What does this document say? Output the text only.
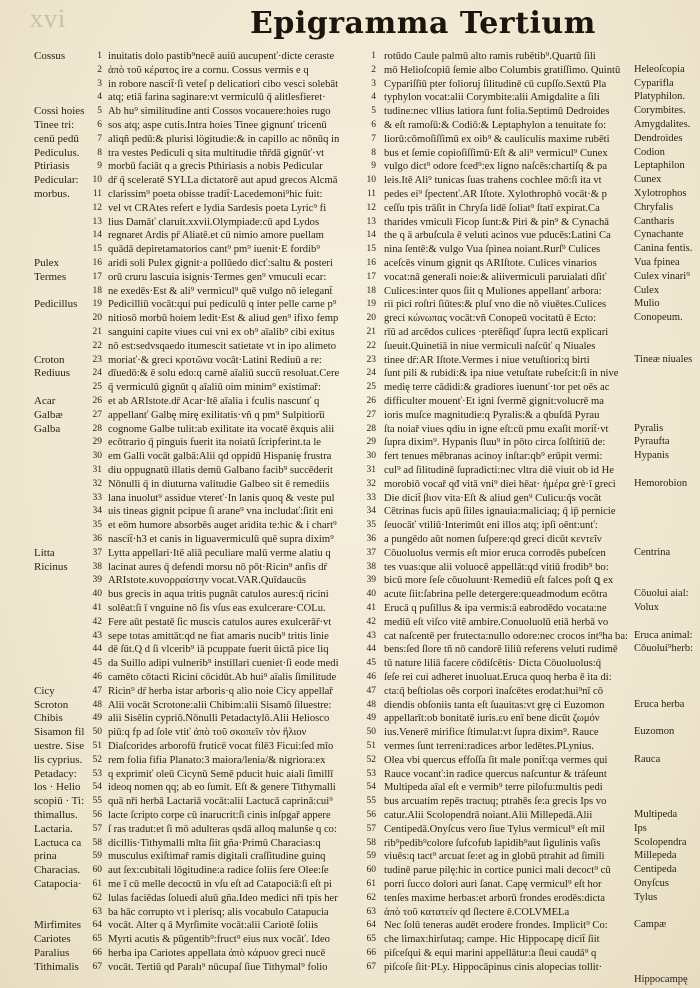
xvi	Epigramma Tertium
Cossus
Cossi hoies
Tinee tri:
cenū pedū
Pediculus.
Ptiriasis
Pedicular:
morbus.
Pulex
Termes
Pedicillus
Croton
Rediuus
Acar
Galbæ
Galba
Litta
Ricinus
Cicy
Scroton
Chibis
Sisamon fil
uestre. Sise
lis cyprius.
Petadacy:
los · Helio
scopiū · Ti:
thimallus.
Lactaria.
Lactuca ca
prina
Characias.
Catapocia·
Mirfimites
Cariotes
Paralius
Tithimalis
inuitatis dolo pastib⁹necē auiū aucupenť·dicte ceraste
ἀπὸ τοῦ κέρατος ire a cornu. Cossus vermis e q
in robore nascit̄·ſi veteſ p delicatiori cibo vesci solebāt
atq; etiā farina saginare:vt vermiculū q̄ alitlesfieret·
Ab hu⁹ similitudine anti Cossos vocauere:hoies rugo
sos atq; aspe cutis.Intra hoies Tinee gignunť tricenū
aliqñ pedū:& plurisi lögitudie:& in capillo ac nōnūq in
tra vestes Pediculi q sita multitudie tñr̄dā gignūť·vt
morbū faciāt q a grecis Pthiriasis a nobis Pedicular
dr̄ q̄ sceleratē SYLLa dictatorē aut apud grecos Alcmā
clarissim⁹ poeta obisse tradit̄·Lacedemoni⁹hic fuit:
vel vt CRAtes refert e lydia Sardesis poeta Lyric⁹ fi
lius Damāť claruit.xxvii.Olympiade:cū apd Lydos
regnaret Ardis pr̄ Aliatē.et cū nimio amore puellam
quādā depiretamatorios cant⁹ pm⁹ iuenit·E fordib⁹
aridi soli Pulex gignit·a pollūedo dicť:saltu & posteri
orū cruru lascuia isignis·Termes gen⁹ vmuculi ecar:
ne exedēs·Est & ali⁹ vermicul⁹ quē vulgo nō ielegant̄
Pedicilliū vocāt:qui pui pediculū q inter pelle carne p⁹
nitiosō morbū hoiem ledit·Est & aliud gen⁹ ifixo femp
sanguini capite viues cui vni ex ob⁹ aīalib⁹ cibi exitus
nō est:sedvsqaedo itumescit satietate vt in ipo alimeto
moriať·& greci κροτῶνα vocāt·Latini Rediuū a re:
dīuedō:& ē solu edo:q carnē aīaliū succū resoluat.Cere
q̄ vermiculū gignūt q aīaliū oim minim⁹ existimař:
et ab ARIstote.dr̄ Acar·Itē aīalia i fculis nascunť q
appellanť Galbę mirę exilitatis·vñ q pm⁹ Sulpitioru̅
cognome Galbe tulit:ab exilitate ita vocatē ēxquis alii
ecōtrario q̄ pinguis fuerit ita noiatū ſcripferint.ta le
em Galli vocāt galbā:Alii qd oppidū Hispanię frustra
diu oppugnatū illatis demū Galbano facib⁹ succēderit
Nōnulli q̄ in diuturna valitudie Galbeo sit ē remediis
lana inuolut⁹ assidue vtereť·In lanis quoq & veste pul
uis tineas gignit pcipue ſi arane⁹ vna includať:ſitit eni
et eōm humore absorbēs auget aridita te:hic & i chart⁹
nascit̄·h3 et canis in liguavermiculū quē supra dixim⁹
Lytta appellari·Itē aliā peculiare malū verme alatiu q
lacinat aures q̄ defendi morsu nō pōt·Ricin⁹ anfis dr̄
ARIstote.κυνορραίστην vocat.VAR.Quīdaucūs
bus grecis in aqua tritis pugnāt catulos aures:q̄ ricini
solēat:ſi ī vnguine nō ſis vſus eas exulcerare·COLu.
Fere aūt pestatē ſic muscis catulos aures exulcerār̄·vt
sepe totas amittāt:qd ne fiat amaris nucib⁹ tritis linie
dē ſūt.Q d ſi vlcerib⁹ iā pcuppate fuerit ūictā pice liq
da Suillo adipi vulnerib⁹ instillari cueniet·ſi eode medi
camēto cōtacti Ricini cōcidūt.Ab hui⁹ aīalis ſimilitude
Ricin⁹ dr̄ herba istar arboris·q alio noie Cicy appellař
Alii vocāt Scrotone:alii Chibim:alii Sisamō ſiluestre:
alii Sisēlin cypriō.Nōnulli Petadactylō.Alii Heliosco
piū:q fp ad ſole vtiť ἀπὸ τοῦ σκοπεῖν τὸν ἥλιον
Diaſcorides arborofū fruticē vocat filē3 Ficui:ſed mīo
rem folia fifia Planato:3 maiora/lenia/& nigriora:ex
q exprimiť oleū Cicynū Semē pducit huic aiali ſimillī
ideoq nomen qq; ab eo ſumit. Eſt & genere Tithymalli
quā nři herbā Lactariā vocāt:alii Lactucā caprinā:cui⁹
lacte ſcripto corpe cū inarucrit:ſi cinis inſpgař appere
ſ ras tradut:et ſi mō adulteras qsdā alloq malunŝe q co:
dicillis·Tithymalli mlta ſiit gña·Primū Characias:q
musculus exiſtimař ramis digitali craſſitudine guinq
aut ſex:cubitali lōgitudine:a radice ſoliis ſere Olee:ſe
me ī cū melle decoctū in vſu eſt ad Catapociā:ſi eſt pi
lulas faciēdas ſoluedi aluū gña.Ideo medici nři tpis her
ba hāc corrupto vt i plerisq; alis vocabulo Catapucia
vocāt. Alter q ā Myrſimite vocāt:alii Cariotē ſoliis
Myrti acutis & pūgentib⁹:fruct⁹ eius nux vocāť. Ideo
herba ipa Cariotes appellata ἀπὸ κάρυον greci nucē
vocāt. Tertiū qd Paralı⁹ nūcupaſ ſiue Tithymal⁹ folio
1
2
3
4
5
6
7
8
9
10
11
12
13
14
15
16
17
18
19
20
21
22
23
24
25
26
27
28
29
30
31
32
33
34
35
36
37
38
39
40
41
42
43
44
45
46
47
48
49
50
51
52
53
54
55
56
57
58
59
60
61
62
63
64
65
66
67
1
2
3
4
5
6
7
8
9
10
11
12
13
14
15
16
17
18
19
20
21
22
23
24
25
26
27
28
29
30
31
32
33
34
35
36
37
38
39
40
41
42
43
44
45
46
47
48
49
50
51
52
53
54
55
56
57
58
59
60
61
62
63
64
65
66
67
rotūdo Caule palmū alto ramis rubētib⁹.Quartū ſili
mō Helioſcopiū ſemie albo Columbis gratiſſimo. Quintū
Cypariſſiū pter folioruj ſilitudinē cū cupſſo.Sextū Pla
typhylon vocat:alii Corymbite:alii Amigdalite a ſili
tudine:nec vllius latiora ſunt folia.Septimū Dedroides
& eſt ramoſū:& Codiō:& Leptaphylon a tenuitate fo:
liorū:cōmoſiſſimū ex oib⁹ & cauliculis maxime rubēti
bus et ſemie copioſiſſimū·Eſt & ali⁹ vermicul⁹ Cunex
vulgo dict⁹ odore fced⁹:ex ligno naſcēs:chartiſq & pa
leis.Itē Ali⁹ tunicas ſuas trahens cochlee mō:ſi ita vt
pedes ei⁹ ſpectenť.AR Iſtote. Xylothrophō vocāt·& p
ceſſu tpis trāſit in Chryſa lidē ſoliat⁹ ſtatī expirat.Ca
tharides vmiculi Ficop ſunt:& Piri & pin⁹ & Cynachā
the q ā arbuſcula ē veluti acinos vue pducēs:Latini Ca
nina ſentē:& vulgo Vua ſpinea noiant.Rurſ⁹ Culices
aceſcēs vinum gignit qs ARIſtote. Culices vinarios
vocat:nā generali noie:& aliivermiculi paruialati dſiť
Culices:inter quos ſiit q Muliones appellanť arbora:
rii pici roſtri ſiūtes:& pluſ vno die nō viuētes.Culices
greci κώνωπας vocāt:vñ Conopeū vocitatū ē Ecto:
rīū ad arcēdos culices ·pterēſiqď ſupra lectū explicari
ſueuit.Quinetiā in niue vermiculi naſcūť q Niuales
tinee dr̄:AR Iſtote.Vermes i niue vetuſtiori:q birti
ſunt pili & rubidi:& ipa niue vetuſtate rubeſcit:ſi in nive
medię terre cādidi:& gradiores iuenunť·tor pet oēs ac
difficulter mouenť·Et igni ſvermē gignit:volucrē ma
ioris muſce magnitudie:q Pyralis:& a qbuſdā Pyrau
ſta noiař viues qdiu in igne eſt:cū pmu exaſit morit̄·vt
ſupra dixim⁹. Hypanis ſluu⁹ in pōto circa ſolſtitiū de:
fert tenues mēbranas acinoy inſtar:qb⁹ erūpit vermi:
cul⁹ ad ſilitudinē ſupradicti:nec vltra diē viuit ob id He
morobiō vocař qđ vitā vni⁹ diei hēat· ἡμέρα grè·ī greci
Die dicit̄ βιον vita·Eſt & aliud gen⁹ Culicu:q̄s vocāt
Cētrinas fucis apū ſiiles ignauia:maliciaq; q̄ ip̄ pernicie
ſeuocāť vtiliū·Interimūt eni illos atq; ipſi oēnt:unť:
a pungēdo aūt nomen ſuſpere:qd greci dicūt κεντεῖν
Cōuoluolus vermis eſt mior eruca corrodēs pubeſcen
tes vuas:que alii voluocē appellāt:qd vitiū frodib⁹ bo:
bicū more ſeſe cōuoluunt·Remediū eſt falces poſt ꝗ ex
acute ſiit:ſabrina pelle detergere:queadmodum ecōtra
Erucā q puſillus & ipa vermis:ā eabrodēdo vocata:ne
mediū eſt viſco vitē ambire.Conuoluolū etiā herbā vo
cat naſcentē per frutecta:nullo odore:nec crocos int⁹ha ba:
bens:ſed ſlore tñ nō candorē liliū referens veluti rudimē
tū nature liliā facere cōdiſcētis· Dicta Cōuoluolus:q̄
ſeſe rei cui adheret inuoluat.Eruca quoq herba ē ita di:
cta:q̄ beſtiolas oēs corpori inaſcētes erodat:hui⁹nī cō
diendis obſoniis tanta eſt ſuauitas:vt grę ci Euzomon
appellarīt:ob bonitatē iuris.ευ enī bene dicūt ζωμόν
ius.Venerē mirifice ſtimulat:vt ſupra dixim⁹. Rauce
vermes ſunt terreni:radices arbor ledētes.PLynius.
Olea vbi quercus effoſſa ſit male ponit̄:qa vermes qui
Rauce vocanť:in radice quercus naſcuntur & tráſeunt
Multipeda aīal eſt e vermib⁹ terre pilofu:multis pedi
bus arcuatim repēs tractuq; ptrahēs ſe:a grecis Ips vo
catur.Alii Scolopendrā noiant.Alii Millepedā.Alii
Centipedā.Onyſcus vero ſiue Tylus vermicul⁹ eſt mil
rib⁹pedib⁹colore ſufcofub lapidib⁹aut ſigulinis vaſis
viuēs:q tact⁹ arcuat ſe:et ag in globū ptrahit ad ſimili
tudinē parue pilę:hic in cortice punici mali decoct⁹ cū
porri ſucco dolori auri ſanat. Capę vermicul⁹ eſt hor
tenſes maxime herbas:et arborū frondes erodēs:dicta
ἀπὸ τοῦ κατατείν qd ſlectere ē.COLVMELa
Nec ſolū teneras audēt erodere frondes. Implicit⁹ Co:
che limax:hirſutaq; campe. Hic Hippocapę dicit̄ ſiit
piſceſqui & equi marini appellātur:a ſleui caudā⁹ q
piſcoſe ſiit·PLy. Hippocāpinus cinis alopecias tollit·
Heleoſcopia
Cyparifla
Platyphilon.
Corymbites.
Amygdalites.
Dendroides
Codion
Leptaphilon
Cunex
Xylotrophos
Chryfalis
Cantharis
Cynachante
Canina fentis.
Vua fpinea
Culex vinari⁹
Culex
Mulio
Conopeum.
Tineæ niuales
Pyralis
Pyraufta
Hypanis
Hemorobion
Centrina
Cōuolui aial:
Volux
Eruca animal:
Cōuolui⁹herb:
Eruca herba
Euzomon
Rauca
Multipeda
Ips
Scolopendra
Millepeda
Centipeda
Onyſcus
Tylus
Campæ
Hippocampę
